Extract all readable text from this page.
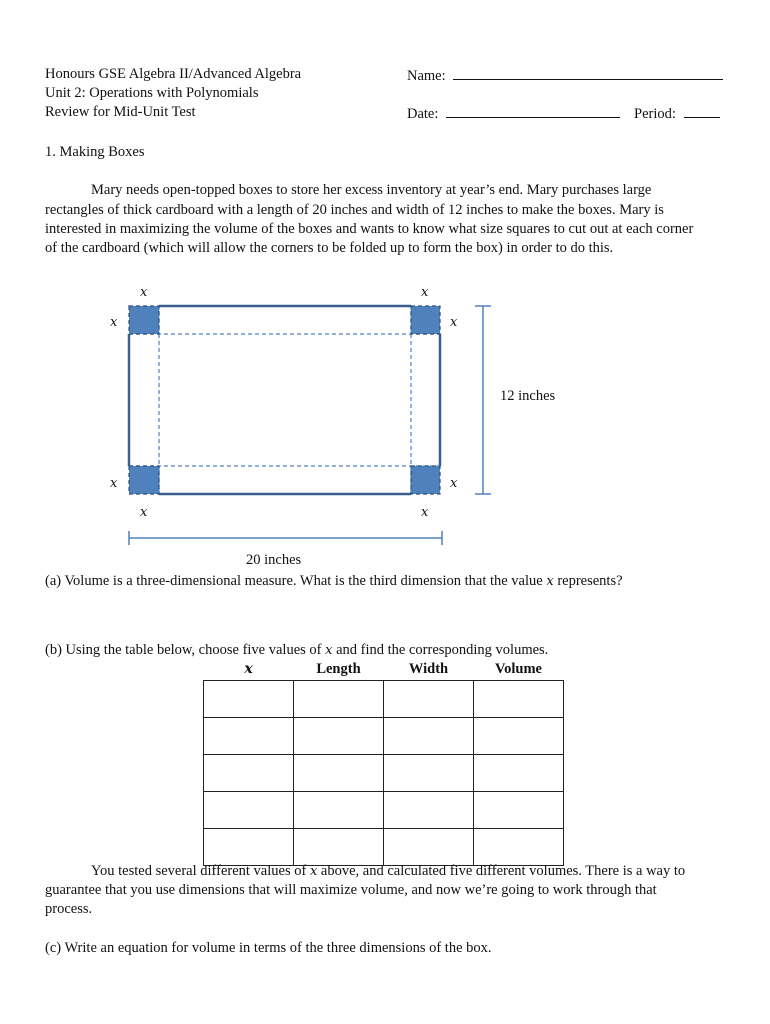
Honours GSE Algebra II/Advanced Algebra
Unit 2: Operations with Polynomials
Review for Mid-Unit Test
Name:
Date:	Period:
1. Making Boxes
Mary needs open-topped boxes to store her excess inventory at year’s end. Mary purchases large
rectangles of thick cardboard with a length of 20 inches and width of 12 inches to make the boxes. Mary is
interested in maximizing the volume of the boxes and wants to know what size squares to cut out at each corner
of the cardboard (which will allow the corners to be folded up to form the box) in order to do this.
x	x
x	x
x	x
x	x
12 inches
20 inches
(a) Volume is a three-dimensional measure. What is the third dimension that the value x represents?
(b) Using the table below, choose five values of x and find the corresponding volumes.
x	Length	Width	Volume

You tested several different values of x above, and calculated five different volumes. There is a way to
guarantee that you use dimensions that will maximize volume, and now we’re going to work through that
process.
(c) Write an equation for volume in terms of the three dimensions of the box.
